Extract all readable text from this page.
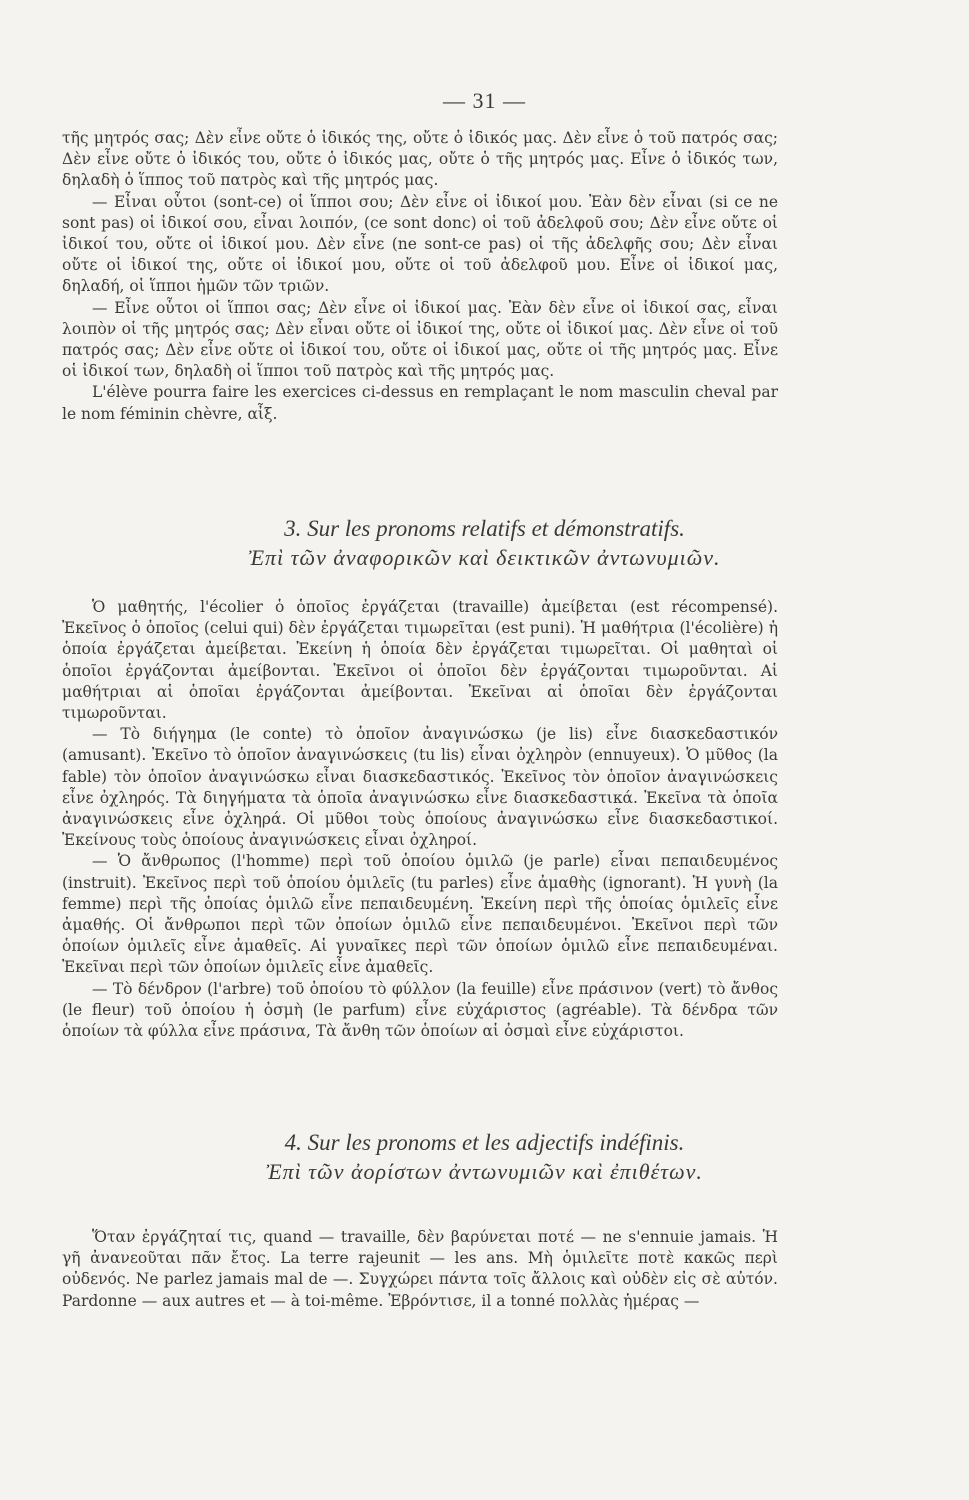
— 31 —

τῆς μητρός σας; Δὲν εἶνε οὔτε ὁ ἰδικός της, οὔτε ὁ ἰδικός μας. Δὲν εἶνε ὁ τοῦ πατρός σας; Δὲν εἶνε οὔτε ὁ ἰδικός του, οὔτε ὁ ἰδικός μας, οὔτε ὁ τῆς μητρός μας. Εἶνε ὁ ἰδικός των, δηλαδὴ ὁ ἵππος τοῦ πατρὸς καὶ τῆς μητρός μας.

— Εἶναι οὗτοι (sont-ce) οἱ ἵπποι σου; Δὲν εἶνε οἱ ἰδικοί μου. Ἐὰν δὲν εἶναι (si ce ne sont pas) οἱ ἰδικοί σου, εἶναι λοιπόν, (ce sont donc) οἱ τοῦ ἀδελφοῦ σου; Δὲν εἶνε οὔτε οἱ ἰδικοί του, οὔτε οἱ ἰδικοί μου. Δὲν εἶνε (ne sont-ce pas) οἱ τῆς ἀδελφῆς σου; Δὲν εἶναι οὔτε οἱ ἰδικοί της, οὔτε οἱ ἰδικοί μου, οὔτε οἱ τοῦ ἀδελφοῦ μου. Εἶνε οἱ ἰδικοί μας, δηλαδή, οἱ ἵπποι ἡμῶν τῶν τριῶν.

— Εἶνε οὗτοι οἱ ἵπποι σας; Δὲν εἶνε οἱ ἰδικοί μας. Ἐὰν δὲν εἶνε οἱ ἰδικοί σας, εἶναι λοιπὸν οἱ τῆς μητρός σας; Δὲν εἶναι οὔτε οἱ ἰδικοί της, οὔτε οἱ ἰδικοί μας. Δὲν εἶνε οἱ τοῦ πατρός σας; Δὲν εἶνε οὔτε οἱ ἰδικοί του, οὔτε οἱ ἰδικοί μας, οὔτε οἱ τῆς μητρός μας. Εἶνε οἱ ἰδικοί των, δηλαδὴ οἱ ἵπποι τοῦ πατρὸς καὶ τῆς μητρός μας.

L'élève pourra faire les exercices ci-dessus en remplaçant le nom masculin cheval par le nom féminin chèvre, αἶξ.

3. Sur les pronoms relatifs et démonstratifs.
Ἐπὶ τῶν ἀναφορικῶν καὶ δεικτικῶν ἀντωνυμιῶν.

Ὁ μαθητής, l'écolier ὁ ὁποῖος ἐργάζεται (travaille) ἀμείβεται (est récompensé). Ἐκεῖνος ὁ ὁποῖος (celui qui) δὲν ἐργάζεται τιμωρεῖται (est puni). Ἡ μαθήτρια (l'écolière) ἡ ὁποία ἐργάζεται ἀμείβεται. Ἐκείνη ἡ ὁποία δὲν ἐργάζεται τιμωρεῖται. Οἱ μαθηταὶ οἱ ὁποῖοι ἐργάζονται ἀμείβονται. Ἐκεῖνοι οἱ ὁποῖοι δὲν ἐργάζονται τιμωροῦνται. Αἱ μαθήτριαι αἱ ὁποῖαι ἐργάζονται ἀμείβονται. Ἐκεῖναι αἱ ὁποῖαι δὲν ἐργάζονται τιμωροῦνται.

— Τὸ διήγημα (le conte) τὸ ὁποῖον ἀναγινώσκω (je lis) εἶνε διασκεδαστικόν (amusant). Ἐκεῖνο τὸ ὁποῖον ἀναγινώσκεις (tu lis) εἶναι ὀχληρὸν (ennuyeux). Ὁ μῦθος (la fable) τὸν ὁποῖον ἀναγινώσκω εἶναι διασκεδαστικός. Ἐκεῖνος τὸν ὁποῖον ἀναγινώσκεις εἶνε ὀχληρός. Τὰ διηγήματα τὰ ὁποῖα ἀναγινώσκω εἶνε διασκεδαστικά. Ἐκεῖνα τὰ ὁποῖα ἀναγινώσκεις εἶνε ὀχληρά. Οἱ μῦθοι τοὺς ὁποίους ἀναγινώσκω εἶνε διασκεδαστικοί. Ἐκείνους τοὺς ὁποίους ἀναγινώσκεις εἶναι ὀχληροί.

— Ὁ ἄνθρωπος (l'homme) περὶ τοῦ ὁποίου ὁμιλῶ (je parle) εἶναι πεπαιδευμένος (instruit). Ἐκεῖνος περὶ τοῦ ὁποίου ὁμιλεῖς (tu parles) εἶνε ἀμαθὴς (ignorant). Ἡ γυνὴ (la femme) περὶ τῆς ὁποίας ὁμιλῶ εἶνε πεπαιδευμένη. Ἐκείνη περὶ τῆς ὁποίας ὁμιλεῖς εἶνε ἀμαθής. Οἱ ἄνθρωποι περὶ τῶν ὁποίων ὁμιλῶ εἶνε πεπαιδευμένοι. Ἐκεῖνοι περὶ τῶν ὁποίων ὁμιλεῖς εἶνε ἀμαθεῖς. Αἱ γυναῖκες περὶ τῶν ὁποίων ὁμιλῶ εἶνε πεπαιδευμέναι. Ἐκεῖναι περὶ τῶν ὁποίων ὁμιλεῖς εἶνε ἀμαθεῖς.

— Τὸ δένδρον (l'arbre) τοῦ ὁποίου τὸ φύλλον (la feuille) εἶνε πράσινον (vert) τὸ ἄνθος (le fleur) τοῦ ὁποίου ἡ ὀσμὴ (le parfum) εἶνε εὐχάριστος (agréable). Τὰ δένδρα τῶν ὁποίων τὰ φύλλα εἶνε πράσινα, Τὰ ἄνθη τῶν ὁποίων αἱ ὀσμαὶ εἶνε εὐχάριστοι.

4. Sur les pronoms et les adjectifs indéfinis.
Ἐπὶ τῶν ἀορίστων ἀντωνυμιῶν καὶ ἐπιθέτων.

Ὅταν ἐργάζηταί τις, quand — travaille, δὲν βαρύνεται ποτέ — ne s'ennuie jamais. Ἡ γῆ ἀνανεοῦται πᾶν ἔτος. La terre rajeunit — les ans. Μὴ ὁμιλεῖτε ποτὲ κακῶς περὶ οὐδενός. Ne parlez jamais mal de —. Συγχώρει πάντα τοῖς ἄλλοις καὶ οὐδὲν εἰς σὲ αὐτόν. Pardonne — aux autres et — à toi-même. Ἐβρόντισε, il a tonné πολλὰς ἡμέρας —
